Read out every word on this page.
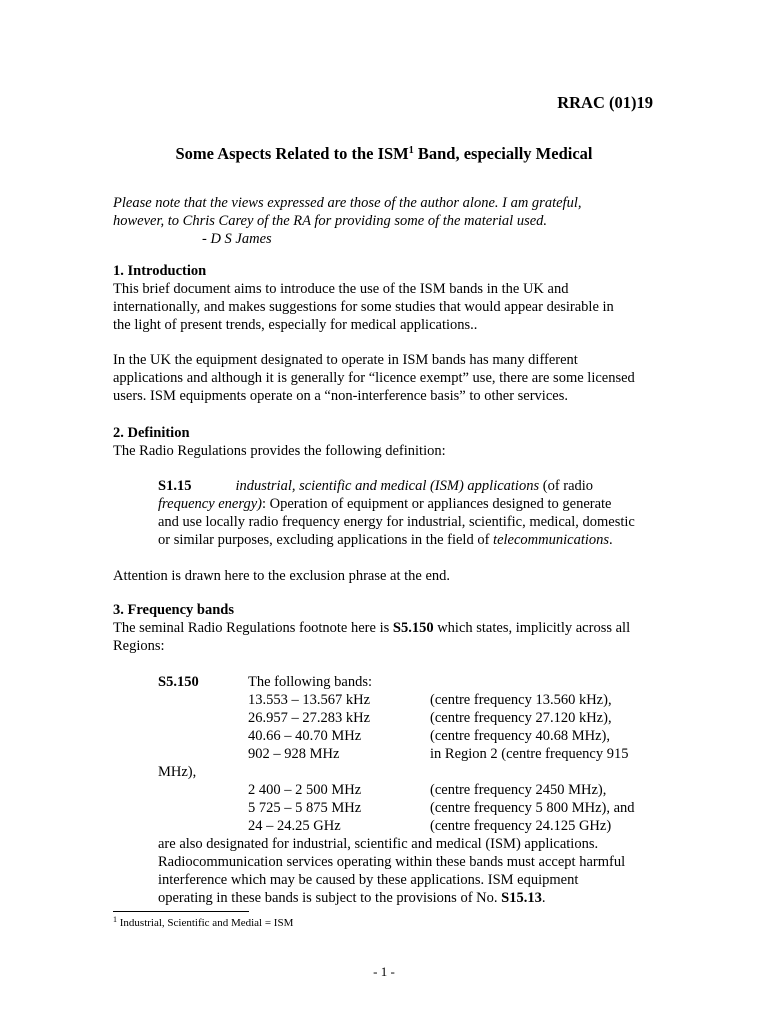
RRAC (01)19
Some Aspects Related to the ISM$^1$ Band, especially Medical
Please note that the views expressed are those of the author alone. I am grateful,
however, to Chris Carey of the RA for providing some of the material used.
- D S James
1. Introduction
This brief document aims to introduce the use of the ISM bands in the UK and
internationally, and makes suggestions for some studies that would appear desirable in
the light of present trends, especially for medical applications..
In the UK the equipment designated to operate in ISM bands has many different
applications and although it is generally for “licence exempt” use, there are some licensed
users. ISM equipments operate on a “non-interference basis” to other services.
2. Definition
The Radio Regulations provides the following definition:
S1.15	industrial, scientific and medical (ISM) applications (of radio
frequency energy): Operation of equipment or appliances designed to generate
and use locally radio frequency energy for industrial, scientific, medical, domestic
or similar purposes, excluding applications in the field of telecommunications.
Attention is drawn here to the exclusion phrase at the end.
3. Frequency bands
The seminal Radio Regulations footnote here is S5.150 which states, implicitly across all
Regions:
S5.150	The following bands:
13.553 – 13.567 kHz	(centre frequency 13.560 kHz),
26.957 – 27.283 kHz	(centre frequency 27.120 kHz),
40.66 – 40.70 MHz	(centre frequency 40.68 MHz),
902 – 928 MHz	in Region 2 (centre frequency 915
MHz),
2 400 – 2 500 MHz	(centre frequency 2450 MHz),
5 725 – 5 875 MHz	(centre frequency 5 800 MHz), and
24 – 24.25 GHz	(centre frequency 24.125 GHz)
are also designated for industrial, scientific and medical (ISM) applications.
Radiocommunication services operating within these bands must accept harmful
interference which may be caused by these applications. ISM equipment
operating in these bands is subject to the provisions of No. S15.13.
$^1$ Industrial, Scientific and Medial = ISM
- 1 -
